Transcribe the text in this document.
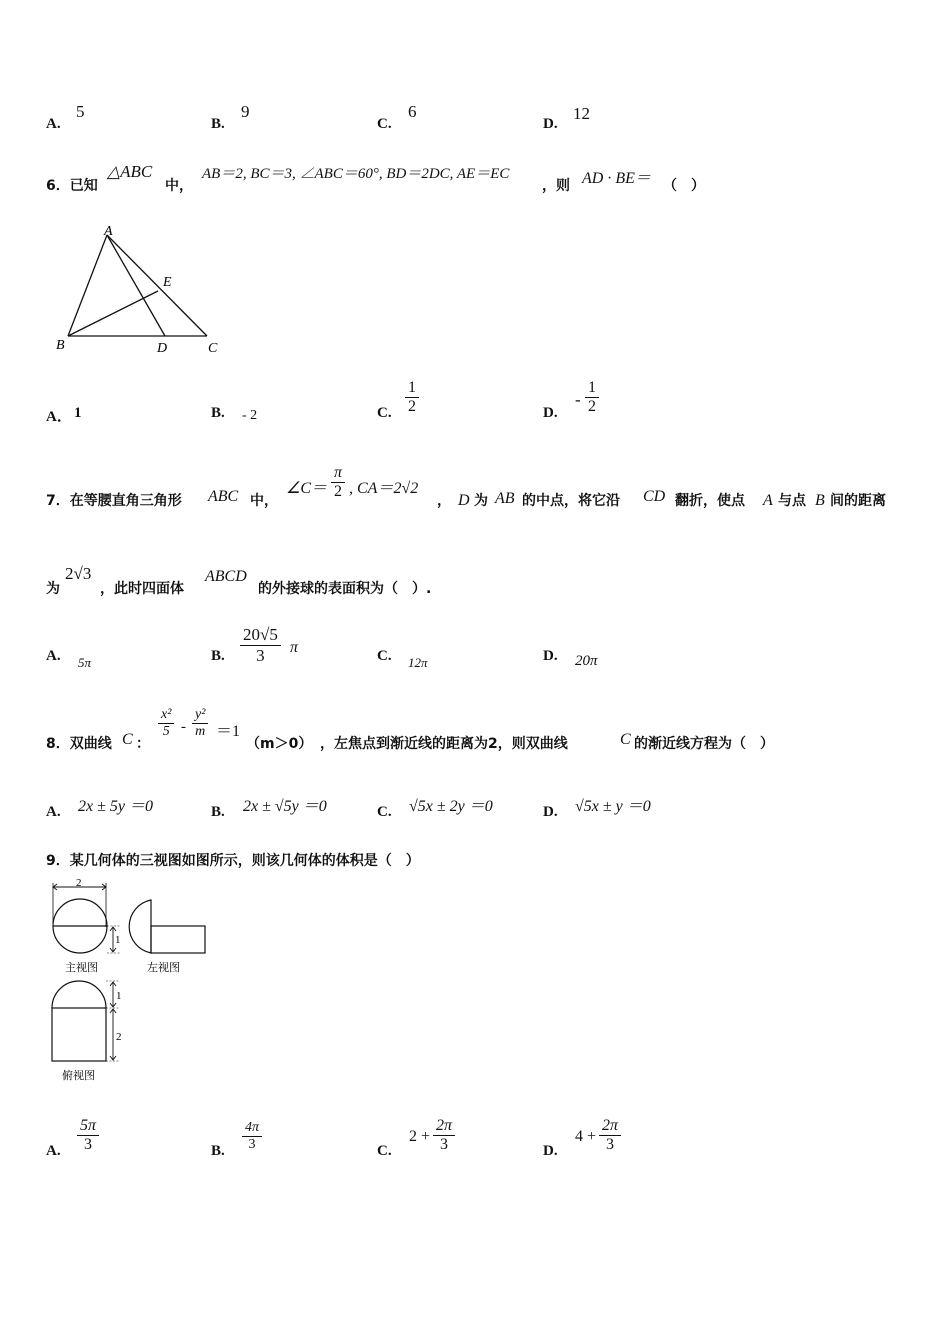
A.
5
B.
9
C.
6
D.
12
6．已知
△ABC
中，
AB＝2, BC＝3, ∠ABC＝60°, BD＝2DC, AE＝EC
，则 AD · BE＝ （　）
A
B	C
D
E
A． 1	B. - 2	C. $\frac{1}{2}$	D.
- $\frac{1}{2}$
7．在等腰直角三角形 ABC 中，
∠C＝ $\frac{\pi}{2}$ , CA＝2√2
， D 为 AB 的中点，将它沿 CD 翻折，使点 A 与点 B 间的距离
为
2√3
，此时四面体
ABCD
的外接球的表面积为（　）.
A. 5π	B. $\frac{20√5}{3}$ π	C. 12π	D. 20π
8．双曲线 C ：
$\frac{\text{x²}}{5} - \frac{\text{y²}}{m} =1$
（m＞0） ，左焦点到渐近线的距离为2，则双曲线	C 的渐近线方程为（　）
A. 2x ± 5y ＝0	B. 2x ± √5y ＝0	C. √5x ± 2y ＝0	D. √5x ± y ＝0
9．某几何体的三视图如图所示，则该几何体的体积是（　）
2
1
主视图	左视图
1
2
俯视图
A. $\frac{5\pi}{3}$	B. $\frac{4\pi}{3}$	C.
$2 + \frac{2\pi}{3}$	D.
$4 + \frac{2\pi}{3}$
